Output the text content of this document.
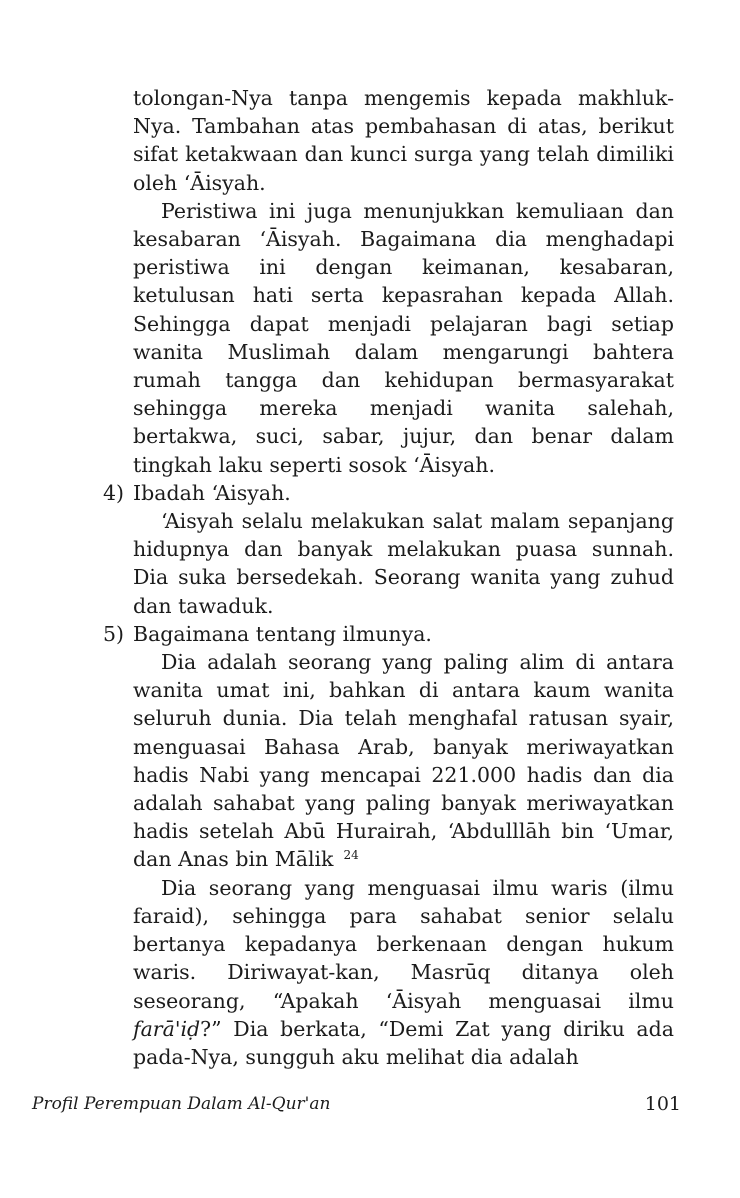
tolongan-Nya tanpa mengemis kepada makhluk-Nya. Tambahan atas pembahasan di atas, berikut sifat ketakwaan dan kunci surga yang telah dimiliki oleh ‘Āisyah.

Peristiwa ini juga menunjukkan kemuliaan dan kesabaran ‘Āisyah. Bagaimana dia menghadapi peristiwa ini dengan keimanan, kesabaran, ketulusan hati serta kepasrahan kepada Allah. Sehingga dapat menjadi pelajaran bagi setiap wanita Muslimah dalam mengarungi bahtera rumah tangga dan kehidupan bermasyarakat sehingga mereka menjadi wanita salehah, bertakwa, suci, sabar, jujur, dan benar dalam tingkah laku seperti sosok ‘Āisyah.

4) Ibadah ‘Aisyah.

‘Aisyah selalu melakukan salat malam sepanjang hidupnya dan banyak melakukan puasa sunnah. Dia suka bersedekah. Seorang wanita yang zuhud dan tawaduk.

5) Bagaimana tentang ilmunya.

Dia adalah seorang yang paling alim di antara wanita umat ini, bahkan di antara kaum wanita seluruh dunia. Dia telah menghafal ratusan syair, menguasai Bahasa Arab, banyak meriwayatkan hadis Nabi yang mencapai 221.000 hadis dan dia adalah sahabat yang paling banyak meriwayatkan hadis setelah Abū Hurairah, ‘Abdulllāh bin ‘Umar, dan Anas bin Mālik $^{24}$

Dia seorang yang menguasai ilmu waris (ilmu faraid), sehingga para sahabat senior selalu bertanya kepadanya berkenaan dengan hukum waris. Diriwayat-kan, Masrūq ditanya oleh seseorang, “Apakah ‘Āisyah menguasai ilmu farā'iḍ?” Dia berkata, “Demi Zat yang diriku ada pada-Nya, sungguh aku melihat dia adalah

Profil Perempuan Dalam Al-Qur'an	101
